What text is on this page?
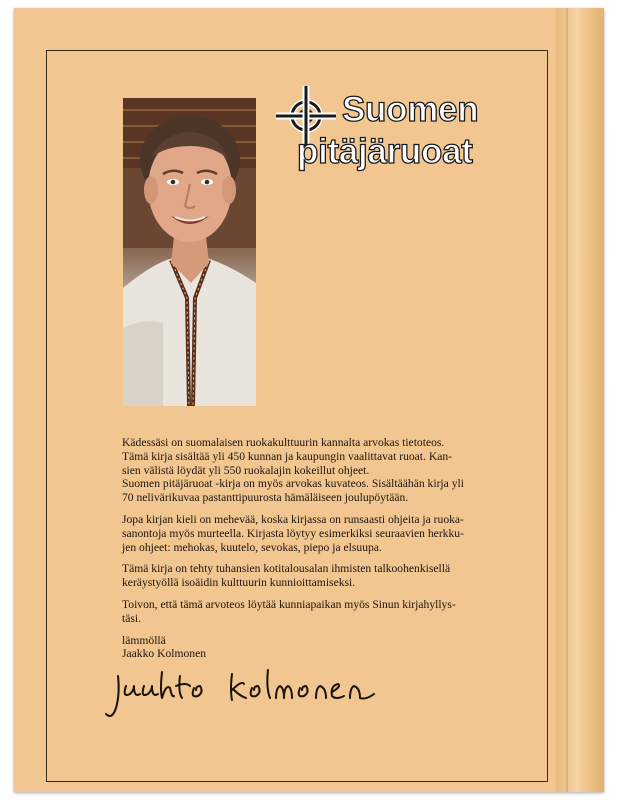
Suomen
pitäjäruoat

Kädessäsi on suomalaisen ruokakulttuurin kannalta arvokas tietoteos.
Tämä kirja sisältää yli 450 kunnan ja kaupungin vaalittavat ruoat. Kan-
sien välistä löydät yli 550 ruokalajin kokeillut ohjeet.
Suomen pitäjäruoat -kirja on myös arvokas kuvateos. Sisältäähän kirja yli
70 nelivärikuvaa pastanttipuurosta hämäläiseen joulupöytään.

Jopa kirjan kieli on mehevää, koska kirjassa on runsaasti ohjeita ja ruoka-
sanontoja myös murteella. Kirjasta löytyy esimerkiksi seuraavien herkku-
jen ohjeet: mehokas, kuutelo, sevokas, piepo ja elsuupa.

Tämä kirja on tehty tuhansien kotitalousalan ihmisten talkoohenkisellä
keräystyöllä isoäidin kulttuurin kunnioittamiseksi.

Toivon, että tämä arvoteos löytää kunniapaikan myös Sinun kirjahyllys-
täsi.

lämmöllä
Jaakko Kolmonen
